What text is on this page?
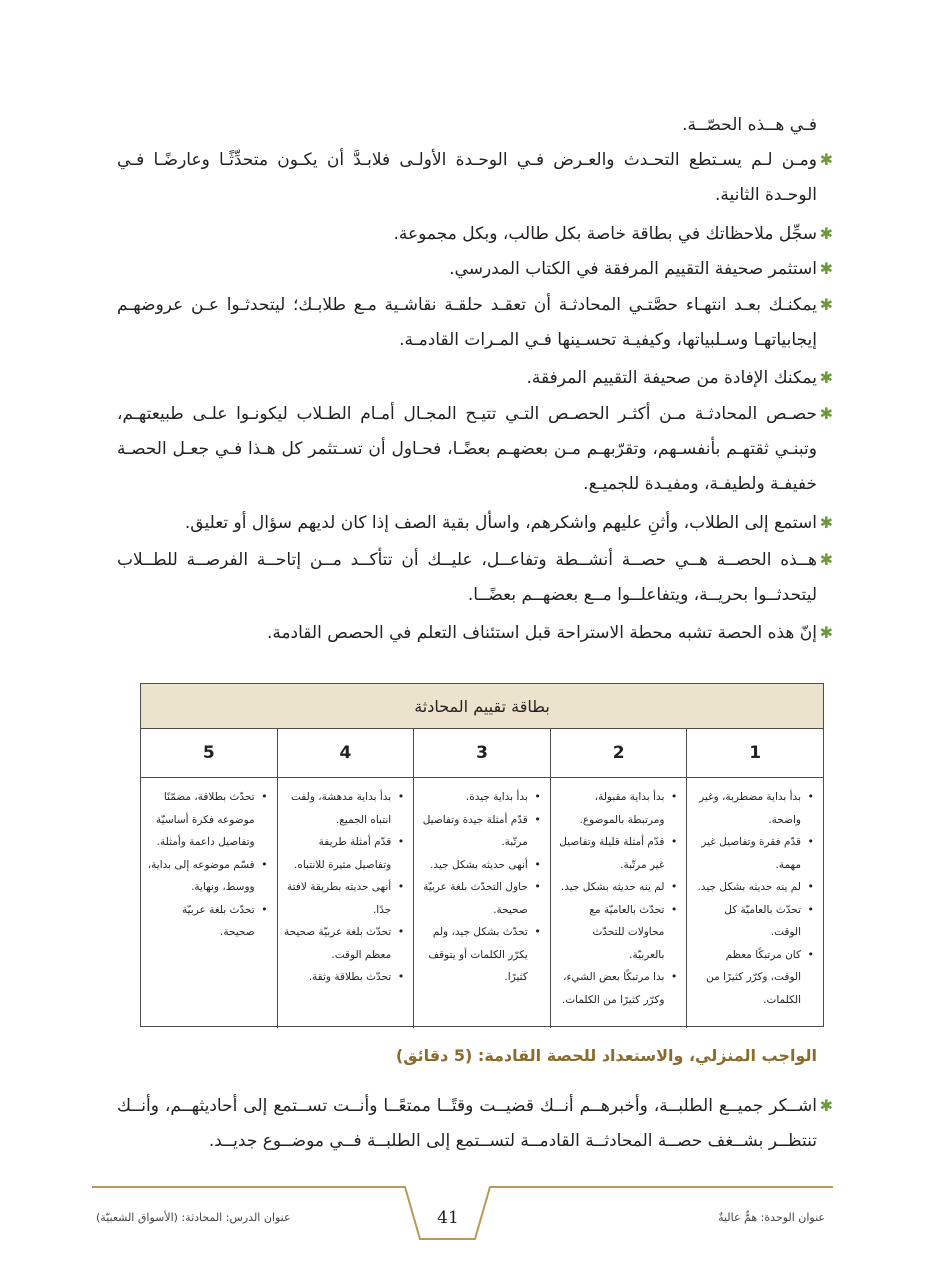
فـي هــذه الحصّــة.
✱
ومـن لـم يسـتطع التحـدث والعـرض فـي الوحـدة الأولـى فلابـدَّ أن يكـون متحدِّثًـا وعارضًـا فـي الوحـدة الثانية.
✱
سجِّل ملاحظاتك في بطاقة خاصة بكل طالب، وبكل مجموعة.
✱
استثمر صحيفة التقييم المرفقة في الكتاب المدرسي.
✱
يمكنـك بعـد انتهـاء حصَّتـي المحادثـة أن تعقـد حلقـة نقاشـية مـع طلابـك؛ ليتحدثـوا عـن عروضهـم إيجابياتهـا وسـلبياتها، وكيفيـة تحسـينها فـي المـرات القادمـة.
✱
يمكنك الإفادة من صحيفة التقييم المرفقة.
✱
حصـص المحادثـة مـن أكثـر الحصـص التـي تتيـح المجـال أمـام الطـلاب ليكونـوا علـى طبيعتهـم، وتبنـي ثقتهـم بأنفسـهم، وتقرّبهـم مـن بعضهـم بعضًـا، فحـاول أن تسـتثمر كل هـذا فـي جعـل الحصـة خفيفـة ولطيفـة، ومفيـدة للجميـع.
✱
استمع إلى الطلاب، وأثنِ عليهم واشكرهم، واسأل بقية الصف إذا كان لديهم سؤال أو تعليق.
✱
هــذه الحصــة هــي حصــة أنشــطة وتفاعــل، عليــك أن تتأكــد مــن إتاحــة الفرصــة للطــلاب ليتحدثــوا بحريــة، ويتفاعلــوا مــع بعضهــم بعضًــا.
✱
إنّ هذه الحصة تشبه محطة الاستراحة قبل استئناف التعلم في الحصص القادمة.
بطاقة تقييم المحادثة
1
2
3
4
5
• بدأ بداية مضطربة، وغير واضحة.
• قدّم فقرة وتفاصيل غير مهمة.
• لم ينه حديثه بشكل جيد.
• تحدّث بالعاميّة كل الوقت.
• كان مرتبكًا معظم الوقت، وكرّر كثيرًا من الكلمات.
• بدأ بداية مقبولة، ومرتبطة بالموضوع.
• قدّم أمثلة قليلة وتفاصيل غير مرتّبة.
• لم ينه حديثه بشكل جيد.
• تحدّث بالعاميّة مع محاولات للتحدّث بالعربيّة.
• بدا مرتبكًا بعض الشيء، وكرّر كثيرًا من الكلمات.
• بدأ بداية جيدة.
• قدّم أمثلة جيدة وتفاصيل مرتّبة.
• أنهى حديثه بشكل جيد.
• حاول التحدّث بلغة عربيّة صحيحة.
• تحدّث بشكل جيد، ولم يكرّر الكلمات أو يتوقف كثيرًا.
• بدأ بداية مدهشة، ولفت انتباه الجميع.
• قدّم أمثلة طريفة وتفاصيل مثيرة للانتباه.
• أنهى حديثه بطريقة لافتة جدًا.
• تحدّث بلغة عربيّة صحيحة معظم الوقت.
• تحدّث بطلاقة وثقة.
• تحدّث بطلاقة، مضمّنًا موضوعه فكرة أساسيّة وتفاصيل داعمة وأمثلة.
• قسّم موضوعه إلى بداية، ووسط، ونهاية.
• تحدّث بلغة عربيّة صحيحة.
الواجب المنزلي، والاستعداد للحصة القادمة: (5 دقائق)
✱
اشــكر جميــع الطلبــة، وأخبرهــم أنــك قضيــت وقتًــا ممتعًــا وأنــت تســتمع إلى أحاديثهــم، وأنــك تنتظــر بشــغف حصــة المحادثــة القادمــة لتســتمع إلى الطلبــة فــي موضــوع جديــد.
عنوان الوحدة: همٌّ عاليةٌ
41
عنوان الدرس: المحادثة: (الأسواق الشعبيّة)
